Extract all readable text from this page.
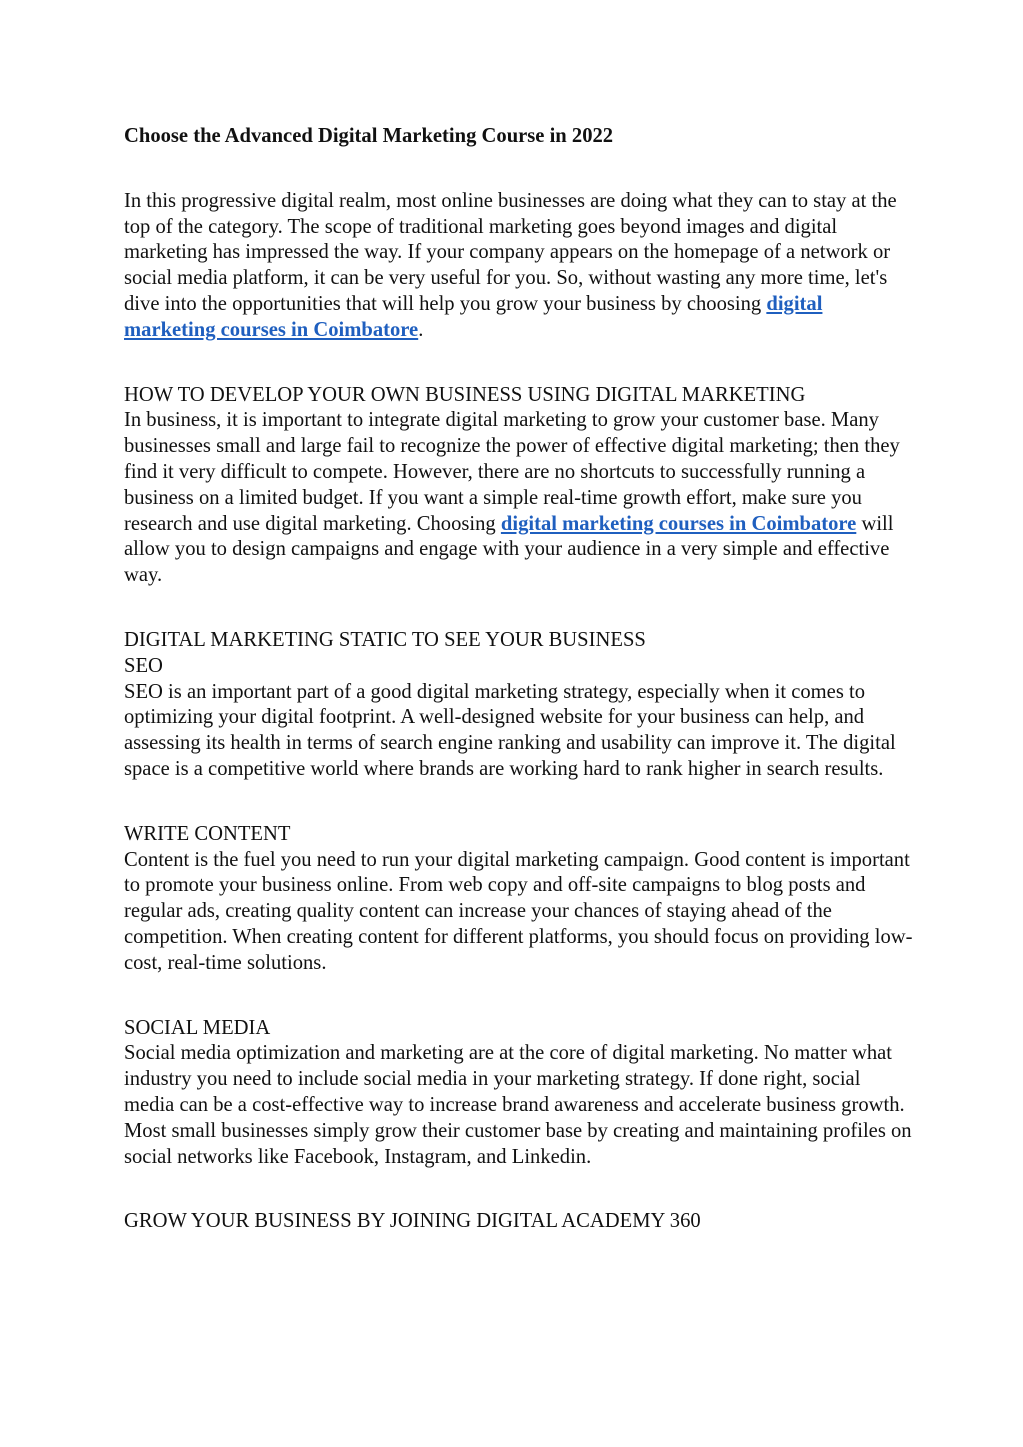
Choose the Advanced Digital Marketing Course in 2022

In this progressive digital realm, most online businesses are doing what they can to stay at the top of the category. The scope of traditional marketing goes beyond images and digital marketing has impressed the way. If your company appears on the homepage of a network or social media platform, it can be very useful for you. So, without wasting any more time, let's dive into the opportunities that will help you grow your business by choosing digital marketing courses in Coimbatore.

HOW TO DEVELOP YOUR OWN BUSINESS USING DIGITAL MARKETING

In business, it is important to integrate digital marketing to grow your customer base. Many businesses small and large fail to recognize the power of effective digital marketing; then they find it very difficult to compete. However, there are no shortcuts to successfully running a business on a limited budget. If you want a simple real-time growth effort, make sure you research and use digital marketing. Choosing digital marketing courses in Coimbatore will allow you to design campaigns and engage with your audience in a very simple and effective way.

DIGITAL MARKETING STATIC TO SEE YOUR BUSINESS
SEO

SEO is an important part of a good digital marketing strategy, especially when it comes to optimizing your digital footprint. A well-designed website for your business can help, and assessing its health in terms of search engine ranking and usability can improve it. The digital space is a competitive world where brands are working hard to rank higher in search results.

WRITE CONTENT

Content is the fuel you need to run your digital marketing campaign. Good content is important to promote your business online. From web copy and off-site campaigns to blog posts and regular ads, creating quality content can increase your chances of staying ahead of the competition. When creating content for different platforms, you should focus on providing low-cost, real-time solutions.

SOCIAL MEDIA

Social media optimization and marketing are at the core of digital marketing. No matter what industry you need to include social media in your marketing strategy. If done right, social media can be a cost-effective way to increase brand awareness and accelerate business growth. Most small businesses simply grow their customer base by creating and maintaining profiles on social networks like Facebook, Instagram, and Linkedin.

GROW YOUR BUSINESS BY JOINING DIGITAL ACADEMY 360
